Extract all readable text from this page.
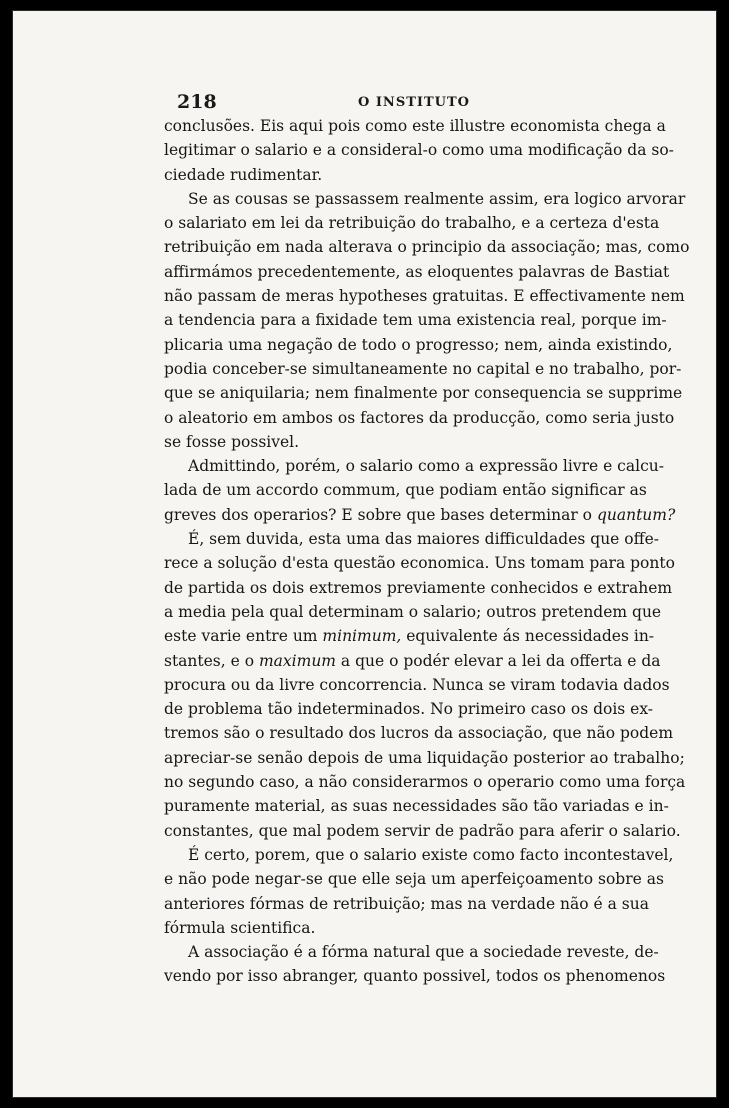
218	O INSTITUTO
conclusões. Eis aqui pois como este illustre economista chega a
legitimar o salario e a consideral-o como uma modificação da so-
ciedade rudimentar.
Se as cousas se passassem realmente assim, era logico arvorar
o salariato em lei da retribuição do trabalho, e a certeza d'esta
retribuição em nada alterava o principio da associação; mas, como
affirmámos precedentemente, as eloquentes palavras de Bastiat
não passam de meras hypotheses gratuitas. E effectivamente nem
a tendencia para a fixidade tem uma existencia real, porque im-
plicaria uma negação de todo o progresso; nem, ainda existindo,
podia conceber-se simultaneamente no capital e no trabalho, por-
que se aniquilaria; nem finalmente por consequencia se supprime
o aleatorio em ambos os factores da producção, como seria justo
se fosse possivel.
Admittindo, porém, o salario como a expressão livre e calcu-
lada de um accordo commum, que podiam então significar as
greves dos operarios? E sobre que bases determinar o quantum?
É, sem duvida, esta uma das maiores difficuldades que offe-
rece a solução d'esta questão economica. Uns tomam para ponto
de partida os dois extremos previamente conhecidos e extrahem
a media pela qual determinam o salario; outros pretendem que
este varie entre um minimum, equivalente ás necessidades in-
stantes, e o maximum a que o podér elevar a lei da offerta e da
procura ou da livre concorrencia. Nunca se viram todavia dados
de problema tão indeterminados. No primeiro caso os dois ex-
tremos são o resultado dos lucros da associação, que não podem
apreciar-se senão depois de uma liquidação posterior ao trabalho;
no segundo caso, a não considerarmos o operario como uma força
puramente material, as suas necessidades são tão variadas e in-
constantes, que mal podem servir de padrão para aferir o salario.
É certo, porem, que o salario existe como facto incontestavel,
e não pode negar-se que elle seja um aperfeiçoamento sobre as
anteriores fórmas de retribuição; mas na verdade não é a sua
fórmula scientifica.
A associação é a fórma natural que a sociedade reveste, de-
vendo por isso abranger, quanto possivel, todos os phenomenos
